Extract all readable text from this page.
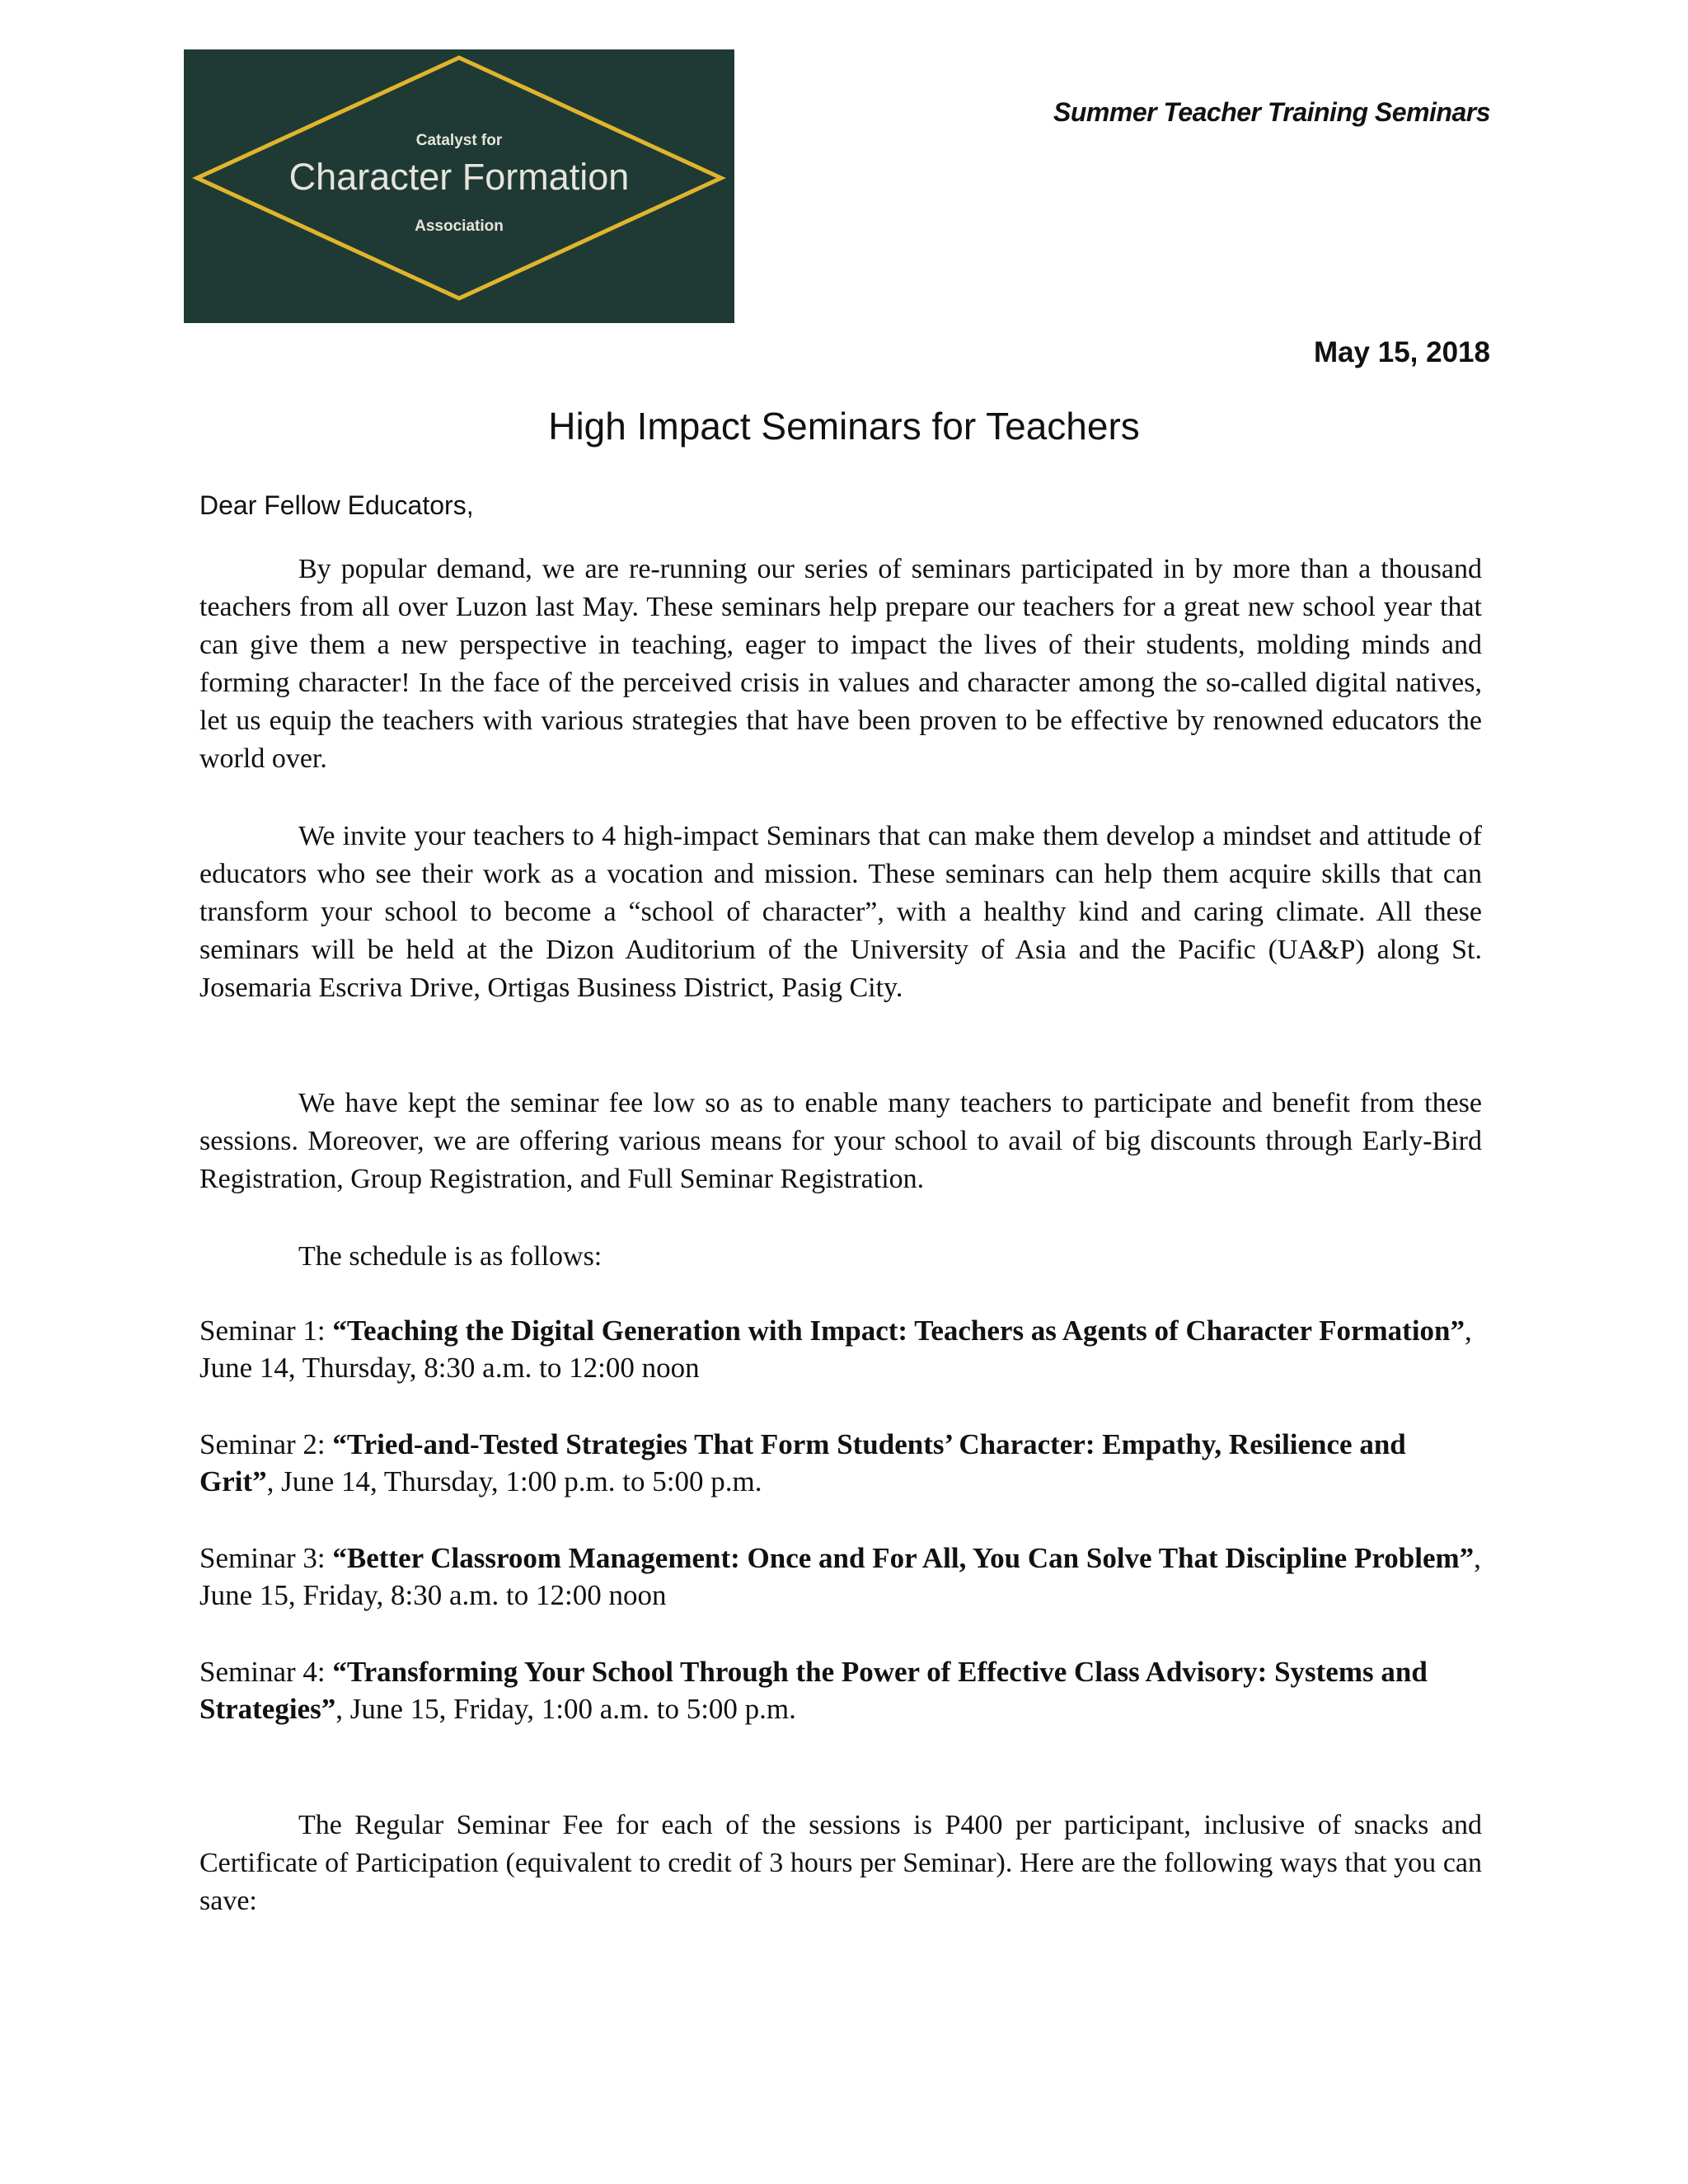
Catalyst for
Character Formation
Association
Summer Teacher Training Seminars
May 15, 2018
High Impact Seminars for Teachers
Dear Fellow Educators,

By popular demand, we are re-running our series of seminars participated in by more than a thousand teachers from all over Luzon last May. These seminars help prepare our teachers for a great new school year that can give them a new perspective in teaching, eager to impact the lives of their students, molding minds and forming character! In the face of the perceived crisis in values and character among the so-called digital natives, let us equip the teachers with various strategies that have been proven to be effective by renowned educators the world over.

We invite your teachers to 4 high-impact Seminars that can make them develop a mindset and attitude of educators who see their work as a vocation and mission. These seminars can help them acquire skills that can transform your school to become a “school of character”, with a healthy kind and caring climate. All these seminars will be held at the Dizon Auditorium of the University of Asia and the Pacific (UA&P) along St. Josemaria Escriva Drive, Ortigas Business District, Pasig City.

We have kept the seminar fee low so as to enable many teachers to participate and benefit from these sessions. Moreover, we are offering various means for your school to avail of big discounts through Early-Bird Registration, Group Registration, and Full Seminar Registration.

The schedule is as follows:

Seminar 1: “Teaching the Digital Generation with Impact: Teachers as Agents of Character Formation”, June 14, Thursday, 8:30 a.m. to 12:00 noon

Seminar 2: “Tried-and-Tested Strategies That Form Students’ Character: Empathy, Resilience and Grit”, June 14, Thursday, 1:00 p.m. to 5:00 p.m.

Seminar 3: “Better Classroom Management: Once and For All, You Can Solve That Discipline Problem”, June 15, Friday, 8:30 a.m. to 12:00 noon

Seminar 4: “Transforming Your School Through the Power of Effective Class Advisory: Systems and Strategies”, June 15, Friday, 1:00 a.m. to 5:00 p.m.

The Regular Seminar Fee for each of the sessions is P400 per participant, inclusive of snacks and Certificate of Participation (equivalent to credit of 3 hours per Seminar). Here are the following ways that you can save:
